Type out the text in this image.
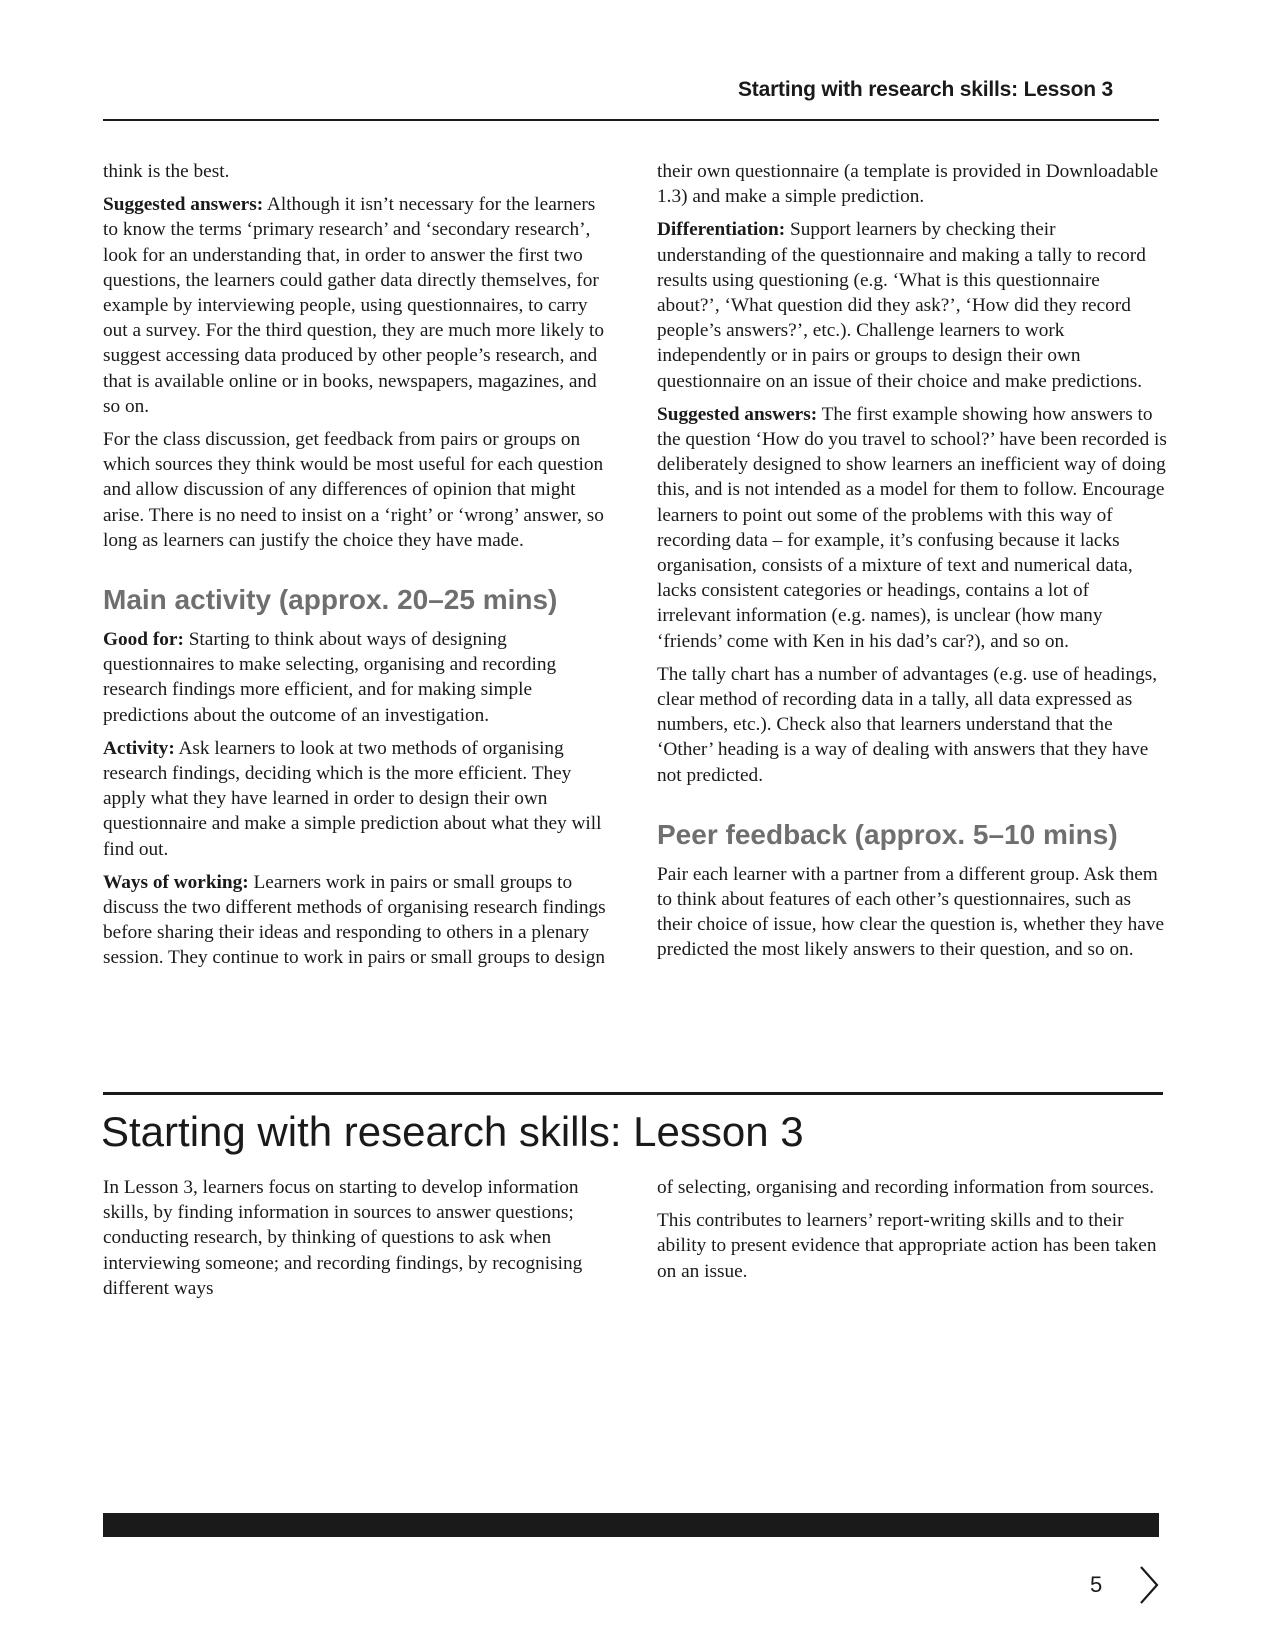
Starting with research skills: Lesson 3

think is the best.

Suggested answers: Although it isn’t necessary for the learners to know the terms ‘primary research’ and ‘secondary research’, look for an understanding that, in order to answer the first two questions, the learners could gather data directly themselves, for example by interviewing people, using questionnaires, to carry out a survey. For the third question, they are much more likely to suggest accessing data produced by other people’s research, and that is available online or in books, newspapers, magazines, and so on.

For the class discussion, get feedback from pairs or groups on which sources they think would be most useful for each question and allow discussion of any differences of opinion that might arise. There is no need to insist on a ‘right’ or ‘wrong’ answer, so long as learners can justify the choice they have made.

Main activity (approx. 20–25 mins)

Good for: Starting to think about ways of designing questionnaires to make selecting, organising and recording research findings more efficient, and for making simple predictions about the outcome of an investigation.

Activity: Ask learners to look at two methods of organising research findings, deciding which is the more efficient. They apply what they have learned in order to design their own questionnaire and make a simple prediction about what they will find out.

Ways of working: Learners work in pairs or small groups to discuss the two different methods of organising research findings before sharing their ideas and responding to others in a plenary session. They continue to work in pairs or small groups to design

their own questionnaire (a template is provided in Downloadable 1.3) and make a simple prediction.

Differentiation: Support learners by checking their understanding of the questionnaire and making a tally to record results using questioning (e.g. ‘What is this questionnaire about?’, ‘What question did they ask?’, ‘How did they record people’s answers?’, etc.). Challenge learners to work independently or in pairs or groups to design their own questionnaire on an issue of their choice and make predictions.

Suggested answers: The first example showing how answers to the question ‘How do you travel to school?’ have been recorded is deliberately designed to show learners an inefficient way of doing this, and is not intended as a model for them to follow. Encourage learners to point out some of the problems with this way of recording data – for example, it’s confusing because it lacks organisation, consists of a mixture of text and numerical data, lacks consistent categories or headings, contains a lot of irrelevant information (e.g. names), is unclear (how many ‘friends’ come with Ken in his dad’s car?), and so on.

The tally chart has a number of advantages (e.g. use of headings, clear method of recording data in a tally, all data expressed as numbers, etc.). Check also that learners understand that the ‘Other’ heading is a way of dealing with answers that they have not predicted.

Peer feedback (approx. 5–10 mins)

Pair each learner with a partner from a different group. Ask them to think about features of each other’s questionnaires, such as their choice of issue, how clear the question is, whether they have predicted the most likely answers to their question, and so on.

Starting with research skills: Lesson 3

In Lesson 3, learners focus on starting to develop information skills, by finding information in sources to answer questions; conducting research, by thinking of questions to ask when interviewing someone; and recording findings, by recognising different ways

of selecting, organising and recording information from sources.

This contributes to learners’ report-writing skills and to their ability to present evidence that appropriate action has been taken on an issue.

5
